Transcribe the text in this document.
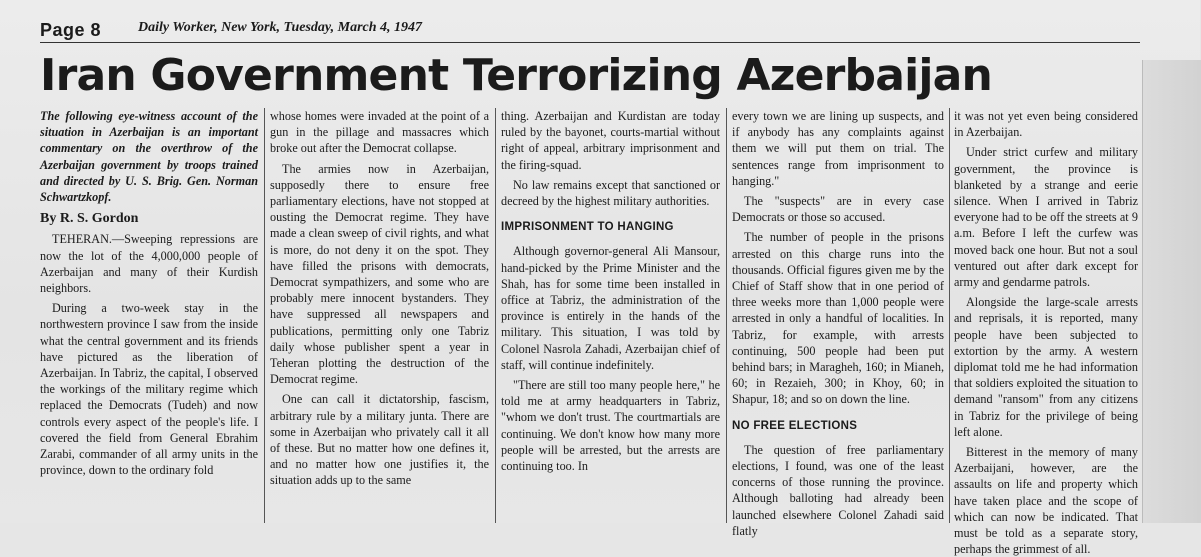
Page 8	Daily Worker, New York, Tuesday, March 4, 1947
Iran Government Terrorizing Azerbaijan

The following eye-witness account of the situation in Azerbaijan is an important commentary on the overthrow of the Azerbaijan government by troops trained and directed by U. S. Brig. Gen. Norman Schwartzkopf.

By R. S. Gordon

TEHERAN.—Sweeping repressions are now the lot of the 4,000,000 people of Azerbaijan and many of their Kurdish neighbors.

During a two-week stay in the northwestern province I saw from the inside what the central government and its friends have pictured as the liberation of Azerbaijan. In Tabriz, the capital, I observed the workings of the military regime which replaced the Democrats (Tudeh) and now controls every aspect of the people's life. I covered the field from General Ebrahim Zarabi, commander of all army units in the province, down to the ordinary fold

whose homes were invaded at the point of a gun in the pillage and massacres which broke out after the Democrat collapse.

The armies now in Azerbaijan, supposedly there to ensure free parliamentary elections, have not stopped at ousting the Democrat regime. They have made a clean sweep of civil rights, and what is more, do not deny it on the spot. They have filled the prisons with democrats, Democrat sympathizers, and some who are probably mere innocent bystanders. They have suppressed all newspapers and publications, permitting only one Tabriz daily whose publisher spent a year in Teheran plotting the destruction of the Democrat regime.

One can call it dictatorship, fascism, arbitrary rule by a military junta. There are some in Azerbaijan who privately call it all of these. But no matter how one defines it, and no matter how one justifies it, the situation adds up to the same

thing. Azerbaijan and Kurdistan are today ruled by the bayonet, courts-martial without right of appeal, arbitrary imprisonment and the firing-squad.

No law remains except that sanctioned or decreed by the highest military authorities.

IMPRISONMENT TO HANGING

Although governor-general Ali Mansour, hand-picked by the Prime Minister and the Shah, has for some time been installed in office at Tabriz, the administration of the province is entirely in the hands of the military. This situation, I was told by Colonel Nasrola Zahadi, Azerbaijan chief of staff, will continue indefinitely.

"There are still too many people here," he told me at army headquarters in Tabriz, "whom we don't trust. The courtmartials are continuing. We don't know how many more people will be arrested, but the arrests are continuing too. In

every town we are lining up suspects, and if anybody has any complaints against them we will put them on trial. The sentences range from imprisonment to hanging."

The "suspects" are in every case Democrats or those so accused.

The number of people in the prisons arrested on this charge runs into the thousands. Official figures given me by the Chief of Staff show that in one period of three weeks more than 1,000 people were arrested in only a handful of localities. In Tabriz, for example, with arrests continuing, 500 people had been put behind bars; in Maragheh, 160; in Mianeh, 60; in Rezaieh, 300; in Khoy, 60; in Shapur, 18; and so on down the line.

NO FREE ELECTIONS

The question of free parliamentary elections, I found, was one of the least concerns of those running the province. Although balloting had already been launched elsewhere Colonel Zahadi said flatly

it was not yet even being considered in Azerbaijan.

Under strict curfew and military government, the province is blanketed by a strange and eerie silence. When I arrived in Tabriz everyone had to be off the streets at 9 a.m. Before I left the curfew was moved back one hour. But not a soul ventured out after dark except for army and gendarme patrols.

Alongside the large-scale arrests and reprisals, it is reported, many people have been subjected to extortion by the army. A western diplomat told me he had information that soldiers exploited the situation to demand "ransom" from any citizens in Tabriz for the privilege of being left alone.

Bitterest in the memory of many Azerbaijani, however, are the assaults on life and property which have taken place and the scope of which can now be indicated. That must be told as a separate story, perhaps the grimmest of all.
